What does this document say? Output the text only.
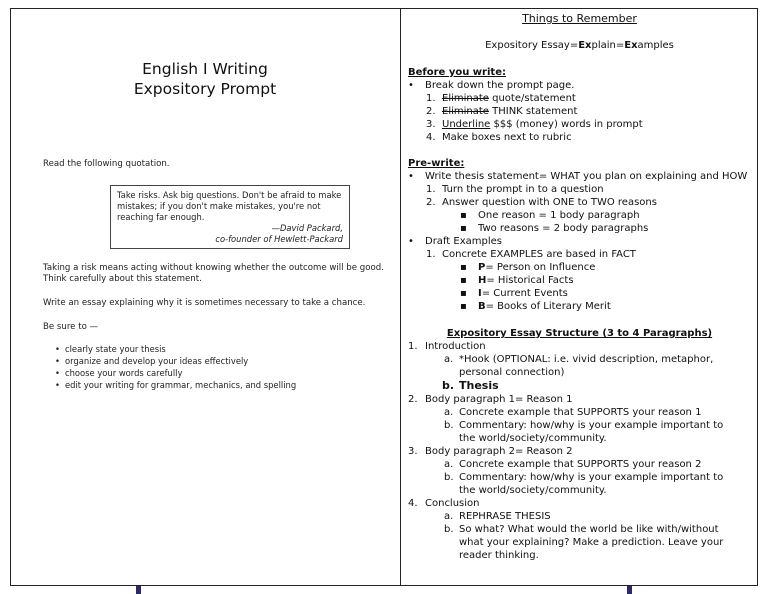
English I Writing
Expository Prompt
Read the following quotation.
Take risks. Ask big questions. Don't be afraid to make
mistakes; if you don't make mistakes, you're not
reaching far enough.
—David Packard,
co-founder of Hewlett-Packard
Taking a risk means acting without knowing whether the outcome will be good.
Think carefully about this statement.
Write an essay explaining why it is sometimes necessary to take a chance.
Be sure to —
• clearly state your thesis
• organize and develop your ideas effectively
• choose your words carefully
• edit your writing for grammar, mechanics, and spelling
Things to Remember
Expository Essay=Explain=Examples
Before you write:
• Break down the prompt page.
1. Eliminate quote/statement
2. Eliminate THINK statement
3. Underline $$$ (money) words in prompt
4. Make boxes next to rubric
Pre-write:
• Write thesis statement= WHAT you plan on explaining and HOW
1. Turn the prompt in to a question
2. Answer question with ONE to TWO reasons
▪ One reason = 1 body paragraph
▪ Two reasons = 2 body paragraphs
• Draft Examples
1. Concrete EXAMPLES are based in FACT
▪ P= Person on Influence
▪ H= Historical Facts
▪ I= Current Events
▪ B= Books of Literary Merit
Expository Essay Structure (3 to 4 Paragraphs)
1. Introduction
a. *Hook (OPTIONAL: i.e. vivid description, metaphor,
personal connection)
b. Thesis
2. Body paragraph 1= Reason 1
a. Concrete example that SUPPORTS your reason 1
b. Commentary: how/why is your example important to
the world/society/community.
3. Body paragraph 2= Reason 2
a. Concrete example that SUPPORTS your reason 2
b. Commentary: how/why is your example important to
the world/society/community.
4. Conclusion
a. REPHRASE THESIS
b. So what? What would the world be like with/without
what your explaining? Make a prediction. Leave your
reader thinking.
